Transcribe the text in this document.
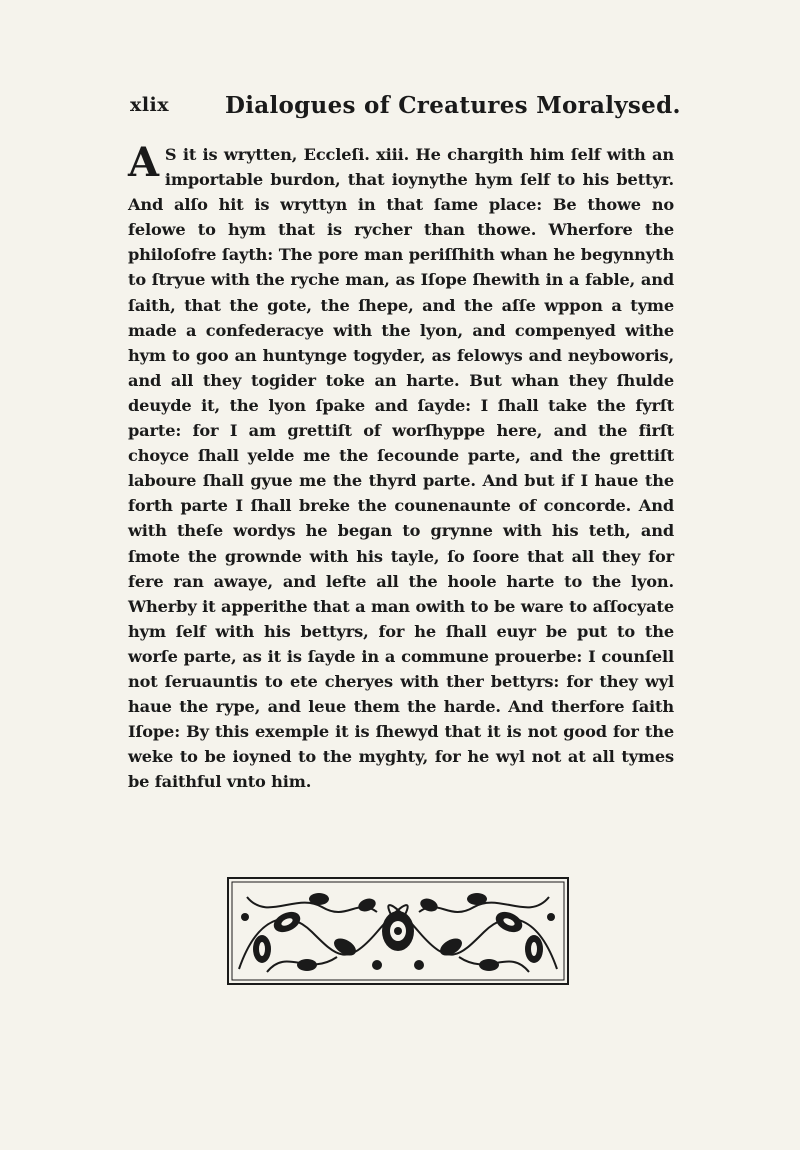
xlix Dialogues of Creatures Moralysed.

A S it is wrytten, Eccleſi. xiii. He chargith him ſelf with an importable burdon, that ioynythe hym ſelf to his bettyr. And alſo hit is wryttyn in that ſame place: Be thowe no felowe to hym that is rycher than thowe. Wherfore the philoſofre ſayth: The pore man periſſhith whan he begynnyth to ſtryue with the ryche man, as Iſope ſhewith in a fable, and ſaith, that the gote, the ſhepe, and the aſſe wppon a tyme made a confederacye with the lyon, and compenyed withe hym to goo an huntynge togyder, as felowys and neyboworis, and all they togider toke an harte. But whan they ſhulde deuyde it, the lyon ſpake and ſayde: I ſhall take the fyrſt parte: for I am grettiſt of worſhyppe here, and the firſt choyce ſhall yelde me the ſecounde parte, and the grettiſt laboure ſhall gyue me the thyrd parte. And but if I haue the forth parte I ſhall breke the counenaunte of concorde. And with theſe wordys he began to grynne with his teth, and ſmote the grownde with his tayle, ſo ſoore that all they for fere ran awaye, and lefte all the hoole harte to the lyon. Wherby it apperithe that a man owith to be ware to aſſocyate hym ſelf with his bettyrs, for he ſhall euyr be put to the worſe parte, as it is ſayde in a commune prouerbe: I counſell not ſeruauntis to ete cheryes with ther bettyrs: for they wyl haue the rype, and leue them the harde. And therfore ſaith Iſope: By this exemple it is ſhewyd that it is not good for the weke to be ioyned to the myghty, for he wyl not at all tymes be faithful vnto him.
